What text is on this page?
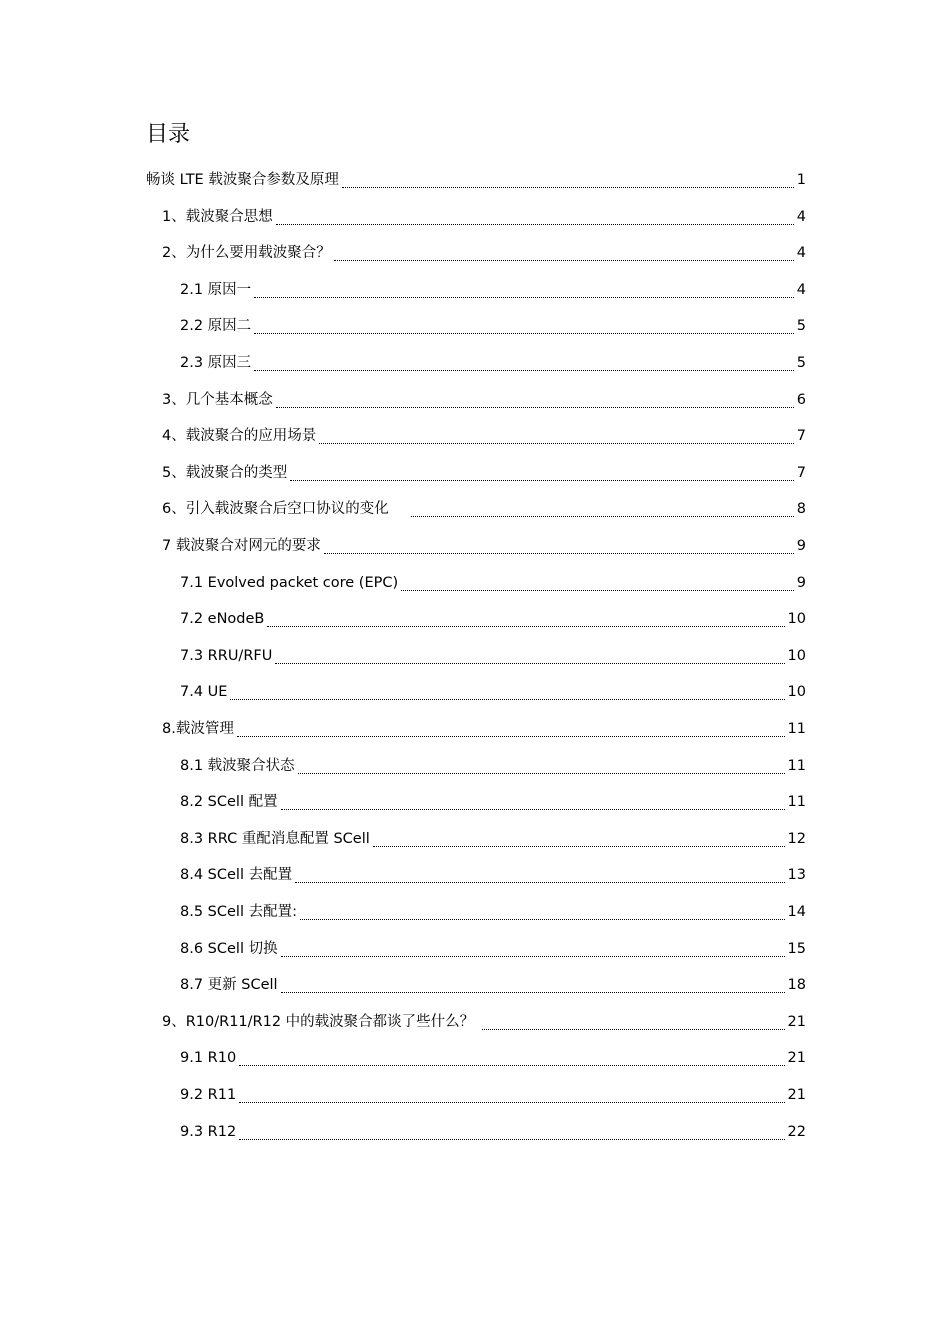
目录
畅谈 LTE 载波聚合参数及原理	1
1、载波聚合思想	4
2、为什么要用载波聚合？	4
2.1 原因一	4
2.2 原因二	5
2.3 原因三	5
3、几个基本概念	6
4、载波聚合的应用场景	7
5、载波聚合的类型	7
6、引入载波聚合后空口协议的变化	8
7 载波聚合对网元的要求	9
7.1 Evolved packet core (EPC)	9
7.2 eNodeB	10
7.3 RRU/RFU	10
7.4 UE	10
8.载波管理	11
8.1 载波聚合状态	11
8.2 SCell 配置	11
8.3 RRC 重配消息配置 SCell	12
8.4 SCell 去配置	13
8.5 SCell 去配置:	14
8.6 SCell 切换	15
8.7 更新 SCell	18
9、R10/R11/R12 中的载波聚合都谈了些什么？	21
9.1 R10	21
9.2 R11	21
9.3 R12	22
